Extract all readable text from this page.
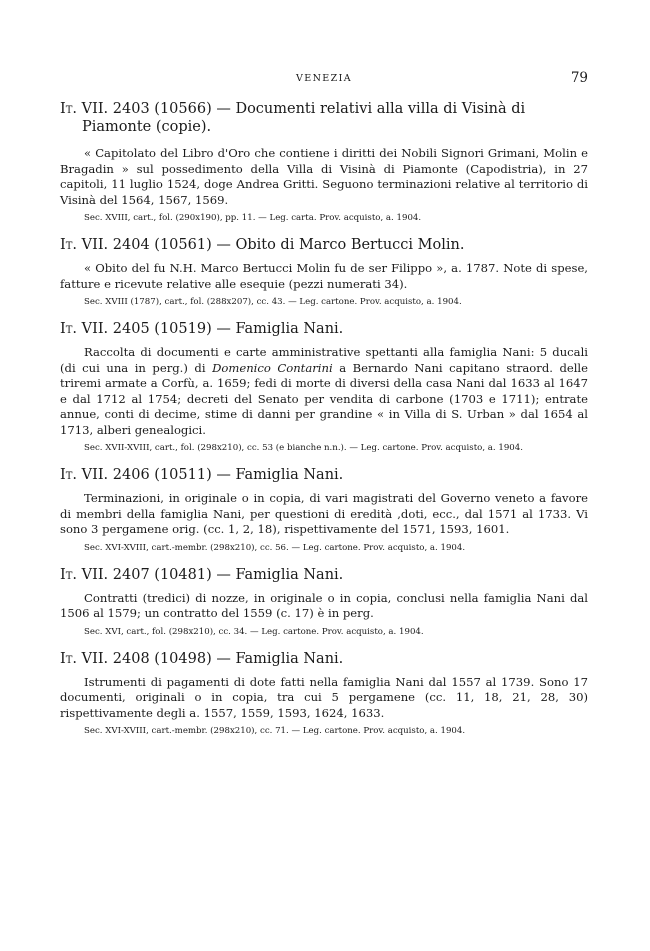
VENEZIA	79
It. VII. 2403 (10566) — Documenti relativi alla villa di Visinà di
Piamonte (copie).

« Capitolato del Libro d'Oro che contiene i diritti dei Nobili Signori Grimani, Molin e Bragadin » sul possedimento della Villa di Visinà di Piamonte (Capodistria), in 27 capitoli, 11 luglio 1524, doge Andrea Gritti. Seguono terminazioni relative al territorio di Visinà del 1564, 1567, 1569.

Sec. XVIII, cart., fol. (290x190), pp. 11. — Leg. carta. Prov. acquisto, a. 1904.

It. VII. 2404 (10561) — Obito di Marco Bertucci Molin.

« Obito del fu N.H. Marco Bertucci Molin fu de ser Filippo », a. 1787. Note di spese, fatture e ricevute relative alle esequie (pezzi numerati 34).

Sec. XVIII (1787), cart., fol. (288x207), cc. 43. — Leg. cartone. Prov. acquisto, a. 1904.

It. VII. 2405 (10519) — Famiglia Nani.

Raccolta di documenti e carte amministrative spettanti alla famiglia Nani: 5 ducali (di cui una in perg.) di Domenico Contarini a Bernardo Nani capitano straord. delle triremi armate a Corfù, a. 1659; fedi di morte di diversi della casa Nani dal 1633 al 1647 e dal 1712 al 1754; decreti del Senato per vendita di carbone (1703 e 1711); entrate annue, conti di decime, stime di danni per grandine « in Villa di S. Urban » dal 1654 al 1713, alberi genealogici.

Sec. XVII-XVIII, cart., fol. (298x210), cc. 53 (e bianche n.n.). — Leg. cartone. Prov. acquisto, a. 1904.

It. VII. 2406 (10511) — Famiglia Nani.

Terminazioni, in originale o in copia, di vari magistrati del Governo veneto a favore di membri della famiglia Nani, per questioni di eredità ,doti, ecc., dal 1571 al 1733. Vi sono 3 pergamene orig. (cc. 1, 2, 18), rispettivamente del 1571, 1593, 1601.

Sec. XVI-XVIII, cart.-membr. (298x210), cc. 56. — Leg. cartone. Prov. acquisto, a. 1904.

It. VII. 2407 (10481) — Famiglia Nani.

Contratti (tredici) di nozze, in originale o in copia, conclusi nella famiglia Nani dal 1506 al 1579; un contratto del 1559 (c. 17) è in perg.

Sec. XVI, cart., fol. (298x210), cc. 34. — Leg. cartone. Prov. acquisto, a. 1904.

It. VII. 2408 (10498) — Famiglia Nani.

Istrumenti di pagamenti di dote fatti nella famiglia Nani dal 1557 al 1739. Sono 17 documenti, originali o in copia, tra cui 5 pergamene (cc. 11, 18, 21, 28, 30) rispettivamente degli a. 1557, 1559, 1593, 1624, 1633.

Sec. XVI-XVIII, cart.-membr. (298x210), cc. 71. — Leg. cartone. Prov. acquisto, a. 1904.
